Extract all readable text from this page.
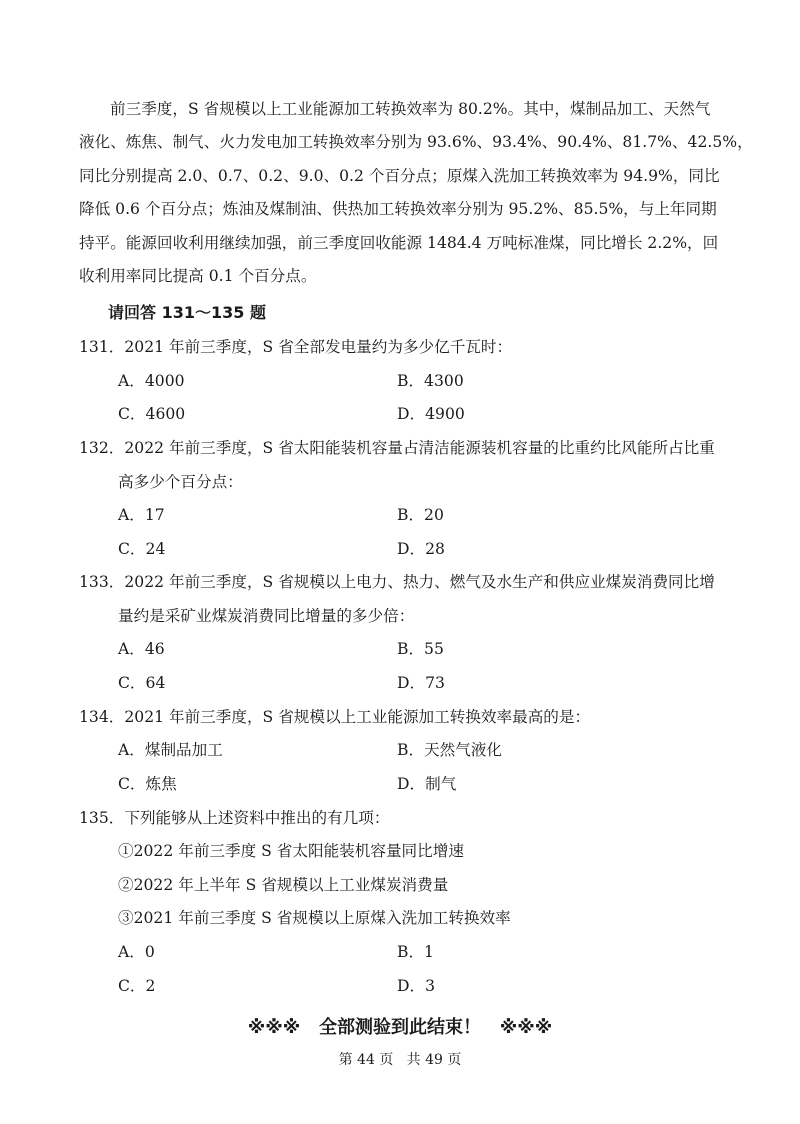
前三季度，S 省规模以上工业能源加工转换效率为 80.2%。其中，煤制品加工、天然气
液化、炼焦、制气、火力发电加工转换效率分别为 93.6%、93.4%、90.4%、81.7%、42.5%，
同比分别提高 2.0、0.7、0.2、9.0、0.2 个百分点；原煤入洗加工转换效率为 94.9%，同比
降低 0.6 个百分点；炼油及煤制油、供热加工转换效率分别为 95.2%、85.5%，与上年同期
持平。能源回收利用继续加强，前三季度回收能源 1484.4 万吨标准煤，同比增长 2.2%，回
收利用率同比提高 0.1 个百分点。
请回答 131～135 题
131．2021 年前三季度，S 省全部发电量约为多少亿千瓦时：
A．4000	B．4300
C．4600	D．4900
132．2022 年前三季度，S 省太阳能装机容量占清洁能源装机容量的比重约比风能所占比重
高多少个百分点：
A．17	B．20
C．24	D．28
133．2022 年前三季度，S 省规模以上电力、热力、燃气及水生产和供应业煤炭消费同比增
量约是采矿业煤炭消费同比增量的多少倍：
A．46	B．55
C．64	D．73
134．2021 年前三季度，S 省规模以上工业能源加工转换效率最高的是：
A．煤制品加工	B．天然气液化
C．炼焦	D．制气
135．下列能够从上述资料中推出的有几项：
①2022 年前三季度 S 省太阳能装机容量同比增速
②2022 年上半年 S 省规模以上工业煤炭消费量
③2021 年前三季度 S 省规模以上原煤入洗加工转换效率
A．0	B．1
C．2	D．3
※※※   全部测验到此结束！   ※※※
第 44 页   共 49 页
